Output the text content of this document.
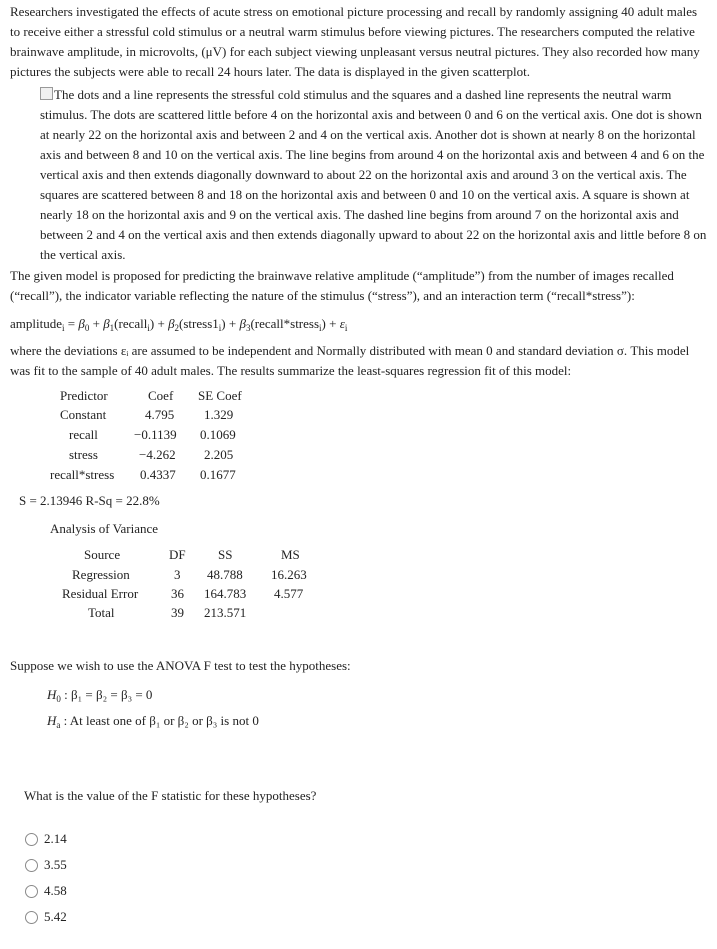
Researchers investigated the effects of acute stress on emotional picture processing and recall by randomly assigning 40 adult males to receive either a stressful cold stimulus or a neutral warm stimulus before viewing pictures. The researchers computed the relative brainwave amplitude, in microvolts, (μV) for each subject viewing unpleasant versus neutral pictures. They also recorded how many pictures the subjects were able to recall 24 hours later. The data is displayed in the given scatterplot.

The dots and a line represents the stressful cold stimulus and the squares and a dashed line represents the neutral warm stimulus. The dots are scattered little before 4 on the horizontal axis and between 0 and 6 on the vertical axis. One dot is shown at nearly 22 on the horizontal axis and between 2 and 4 on the vertical axis. Another dot is shown at nearly 8 on the horizontal axis and between 8 and 10 on the vertical axis. The line begins from around 4 on the horizontal axis and between 4 and 6 on the vertical axis and then extends diagonally downward to about 22 on the horizontal axis and around 3 on the vertical axis. The squares are scattered between 8 and 18 on the horizontal axis and between 0 and 10 on the vertical axis. A square is shown at nearly 18 on the horizontal axis and 9 on the vertical axis. The dashed line begins from around 7 on the horizontal axis and between 2 and 4 on the vertical axis and then extends diagonally upward to about 22 on the horizontal axis and little before 8 on the vertical axis.

The given model is proposed for predicting the brainwave relative amplitude (“amplitude”) from the number of images recalled (“recall”), the indicator variable reflecting the nature of the stimulus (“stress”), and an interaction term (“recall*stress”):

amplitude$_i$ = $\beta_0$ + $\beta_1(recall_i)$ + $\beta_2(stress1_i)$ + $\beta_3(recall*stress_i) + \varepsilon_i$

where the deviations εᵢ are assumed to be independent and Normally distributed with mean 0 and standard deviation σ. This model was fit to the sample of 40 adult males. The results summarize the least-squares regression fit of this model:

Predictor	Coef SE Coef
Constant	4.795 1.329
recall	−0.1139 0.1069
stress	−4.262 2.205
recall*stress 0.4337 0.1677
S = 2.13946 R-Sq = 22.8%
Analysis of Variance
Source	DF SS	MS
Regression	3 48.788 16.263
Residual Error	36 164.783 4.577
Total	39 213.571

Suppose we wish to use the ANOVA F test to test the hypotheses:

$H_0$ : β₁ = β₂ = β₃ = 0
$H_a$ : At least one of β₁ or β₂ or β₃ is not 0

What is the value of the F statistic for these hypotheses?

2.14
3.55
4.58
5.42
